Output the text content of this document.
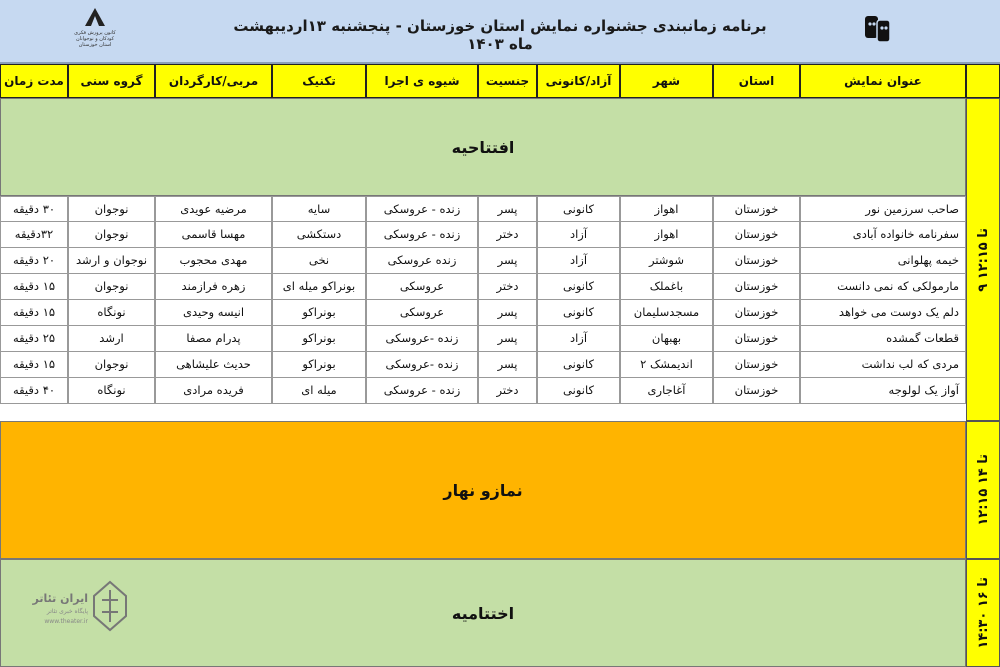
کانون پرورش فکری کودکان و نوجوانان استان خوزستان
برنامه زمانبندی جشنواره نمایش استان خوزستان - پنجشنبه ۱۳اردیبهشت ماه ۱۴۰۳
عنوان نمایش
استان
شهر
آزاد/کانونی
جنسیت
شیوه ی اجرا
تکنیک
مربی/کارگردان
گروه سنی
مدت زمان
افتتاحیه
صاحب سرزمین نور
خوزستان
اهواز
کانونی
پسر
زنده - عروسکی
سایه
مرضیه عویدی
نوجوان
۳۰ دقیقه
سفرنامه خانواده آبادی
خوزستان
اهواز
آزاد
دختر
زنده - عروسکی
دستکشی
مهسا قاسمی
نوجوان
۳۲دقیقه
خیمه پهلوانی
خوزستان
شوشتر
آزاد
پسر
زنده عروسکی
نخی
مهدی محجوب
نوجوان و ارشد
۲۰ دقیقه
مارمولکی که نمی دانست
خوزستان
باغملک
کانونی
دختر
عروسکی
بونراکو میله ای
زهره فرازمند
نوجوان
۱۵ دقیقه
دلم یک دوست می خواهد
خوزستان
مسجدسلیمان
کانونی
پسر
عروسکی
بونراکو
انیسه وحیدی
نونگاه
۱۵ دقیقه
قطعات گمشده
خوزستان
بهبهان
آزاد
پسر
زنده -عروسکی
بونراکو
پدرام مصفا
ارشد
۲۵ دقیقه
مردی که لب نداشت
خوزستان
اندیمشک ۲
کانونی
پسر
زنده -عروسکی
بونراکو
حدیث علیشاهی
نوجوان
۱۵ دقیقه
آواز یک لولوجه
خوزستان
آغاجاری
کانونی
دختر
زنده - عروسکی
میله ای
فریده مرادی
نونگاه
۴۰ دقیقه
نمازو نهار
اختتامیه
۹ تا ۱۲:۱۵
۱۲:۱۵ تا ۱۴
۱۴:۳۰ تا ۱۶
ایران تئاتر
پایگاه خبری تئاتر
www.theater.ir
